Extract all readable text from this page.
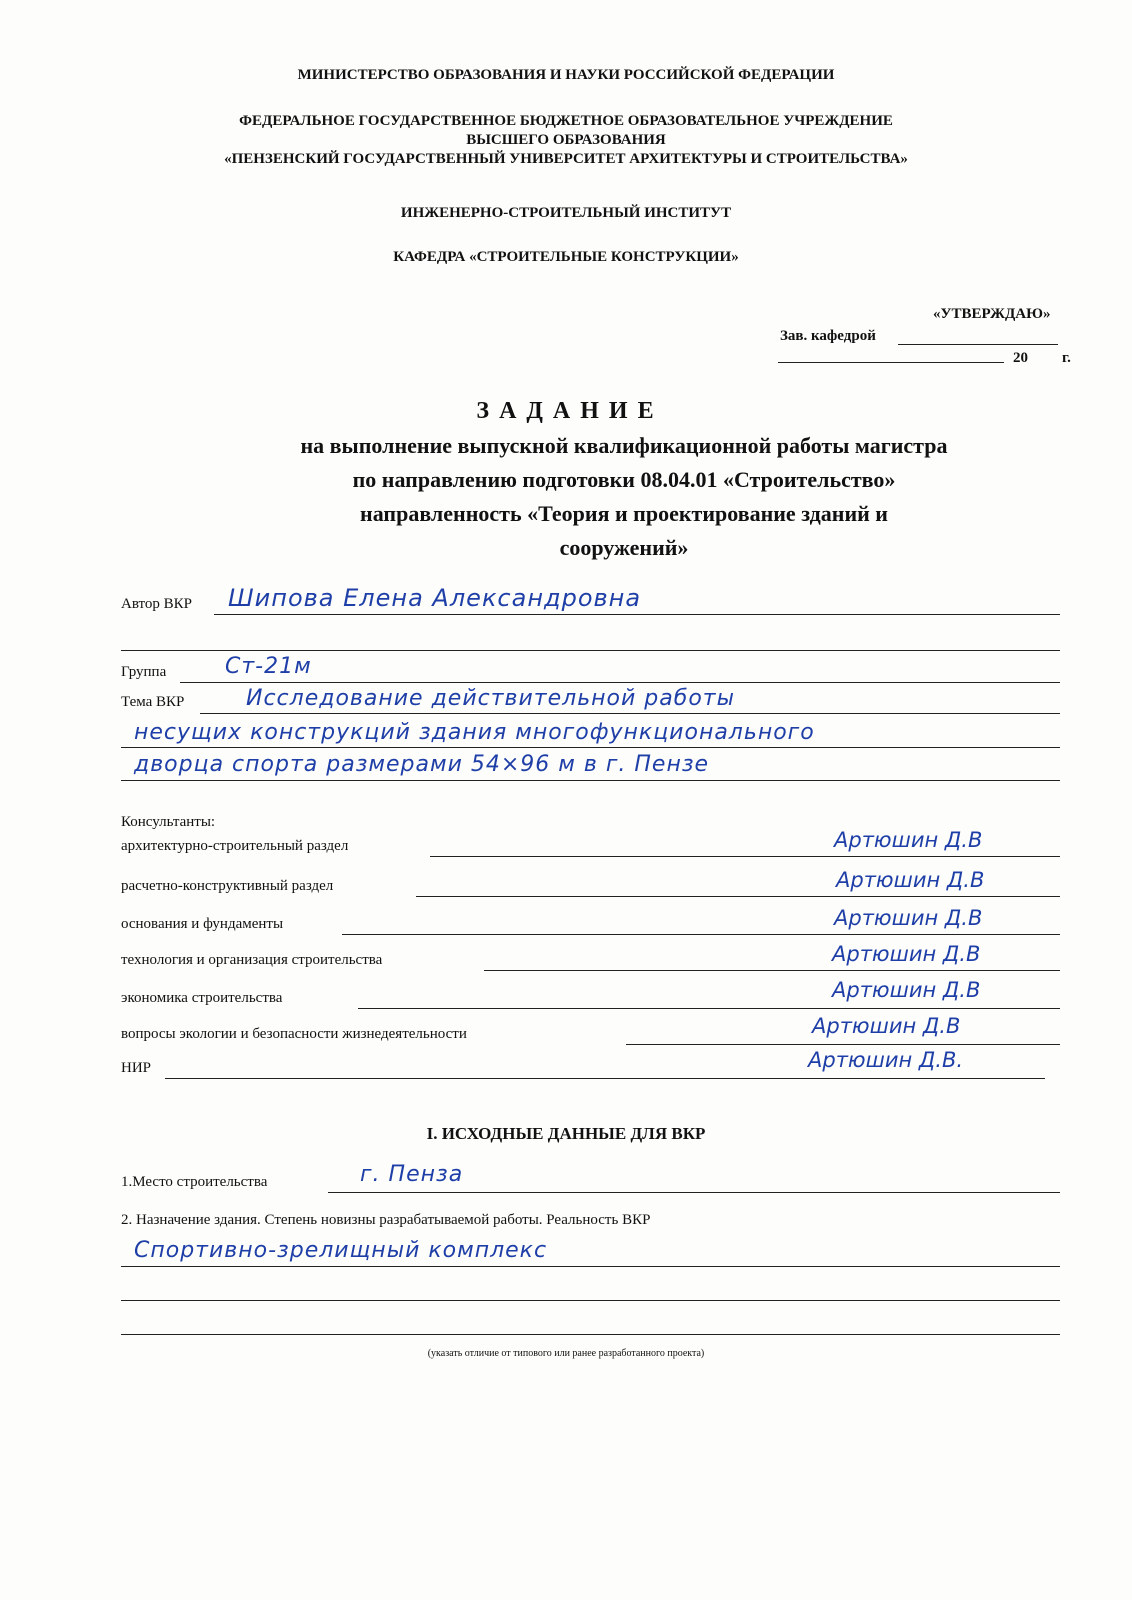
МИНИСТЕРСТВО ОБРАЗОВАНИЯ И НАУКИ РОССИЙСКОЙ ФЕДЕРАЦИИ
ФЕДЕРАЛЬНОЕ ГОСУДАРСТВЕННОЕ БЮДЖЕТНОЕ ОБРАЗОВАТЕЛЬНОЕ УЧРЕЖДЕНИЕ
ВЫСШЕГО ОБРАЗОВАНИЯ
«ПЕНЗЕНСКИЙ ГОСУДАРСТВЕННЫЙ УНИВЕРСИТЕТ АРХИТЕКТУРЫ И СТРОИТЕЛЬСТВА»
ИНЖЕНЕРНО-СТРОИТЕЛЬНЫЙ ИНСТИТУТ
КАФЕДРА «СТРОИТЕЛЬНЫЕ КОНСТРУКЦИИ»
«УТВЕРЖДАЮ»
Зав. кафедрой
20 г.
З А Д А Н И Е
на выполнение выпускной квалификационной работы магистра
по направлению подготовки 08.04.01 «Строительство»
направленность «Теория и проектирование зданий и
сооружений»
Автор ВКР Шипова Елена Александровна
Группа	Ст-21м
Тема ВКР	Исследование действительной работы
несущих конструкций здания многофункционального
дворца спорта размерами 54×96 м в г. Пензе
Консультанты:
архитектурно-строительный раздел	Артюшин Д.В
расчетно-конструктивный раздел	Артюшин Д.В
основания и фундаменты	Артюшин Д.В
технология и организация строительства	Артюшин Д.В
экономика строительства	Артюшин Д.В
вопросы экологии и безопасности жизнедеятельности	Артюшин Д.В
НИР	Артюшин Д.В.
I. ИСХОДНЫЕ ДАННЫЕ ДЛЯ ВКР
1.Место строительства	г. Пенза
2. Назначение здания. Степень новизны разрабатываемой работы. Реальность ВКР
Спортивно-зрелищный комплекс
(указать отличие от типового или ранее разработанного проекта)
